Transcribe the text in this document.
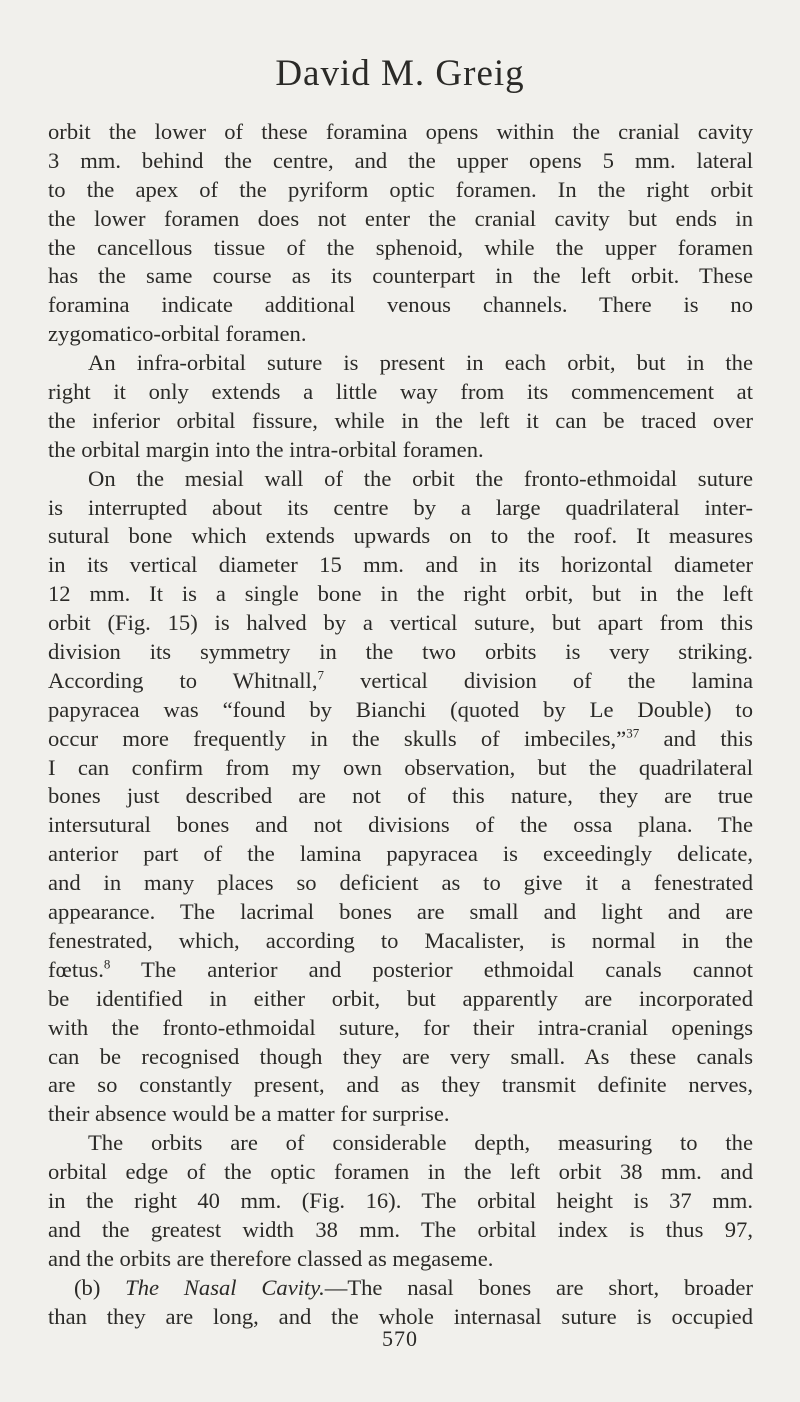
David M. Greig
orbit the lower of these foramina opens within the cranial cavity
3 mm. behind the centre, and the upper opens 5 mm. lateral
to the apex of the pyriform optic foramen. In the right orbit
the lower foramen does not enter the cranial cavity but ends in
the cancellous tissue of the sphenoid, while the upper foramen
has the same course as its counterpart in the left orbit. These
foramina indicate additional venous channels. There is no
zygomatico-orbital foramen.
An infra-orbital suture is present in each orbit, but in the
right it only extends a little way from its commencement at
the inferior orbital fissure, while in the left it can be traced over
the orbital margin into the intra-orbital foramen.
On the mesial wall of the orbit the fronto-ethmoidal suture
is interrupted about its centre by a large quadrilateral inter-
sutural bone which extends upwards on to the roof. It measures
in its vertical diameter 15 mm. and in its horizontal diameter
12 mm. It is a single bone in the right orbit, but in the left
orbit (Fig. 15) is halved by a vertical suture, but apart from this
division its symmetry in the two orbits is very striking.
According to Whitnall,$^7$ vertical division of the lamina
papyracea was “found by Bianchi (quoted by Le Double) to
occur more frequently in the skulls of imbeciles,”$^{37}$ and this
I can confirm from my own observation, but the quadrilateral
bones just described are not of this nature, they are true
intersutural bones and not divisions of the ossa plana. The
anterior part of the lamina papyracea is exceedingly delicate,
and in many places so deficient as to give it a fenestrated
appearance. The lacrimal bones are small and light and are
fenestrated, which, according to Macalister, is normal in the
fœtus.$^8$ The anterior and posterior ethmoidal canals cannot
be identified in either orbit, but apparently are incorporated
with the fronto-ethmoidal suture, for their intra-cranial openings
can be recognised though they are very small. As these canals
are so constantly present, and as they transmit definite nerves,
their absence would be a matter for surprise.
The orbits are of considerable depth, measuring to the
orbital edge of the optic foramen in the left orbit 38 mm. and
in the right 40 mm. (Fig. 16). The orbital height is 37 mm.
and the greatest width 38 mm. The orbital index is thus 97,
and the orbits are therefore classed as megaseme.
(b) The Nasal Cavity.—The nasal bones are short, broader
than they are long, and the whole internasal suture is occupied
570
